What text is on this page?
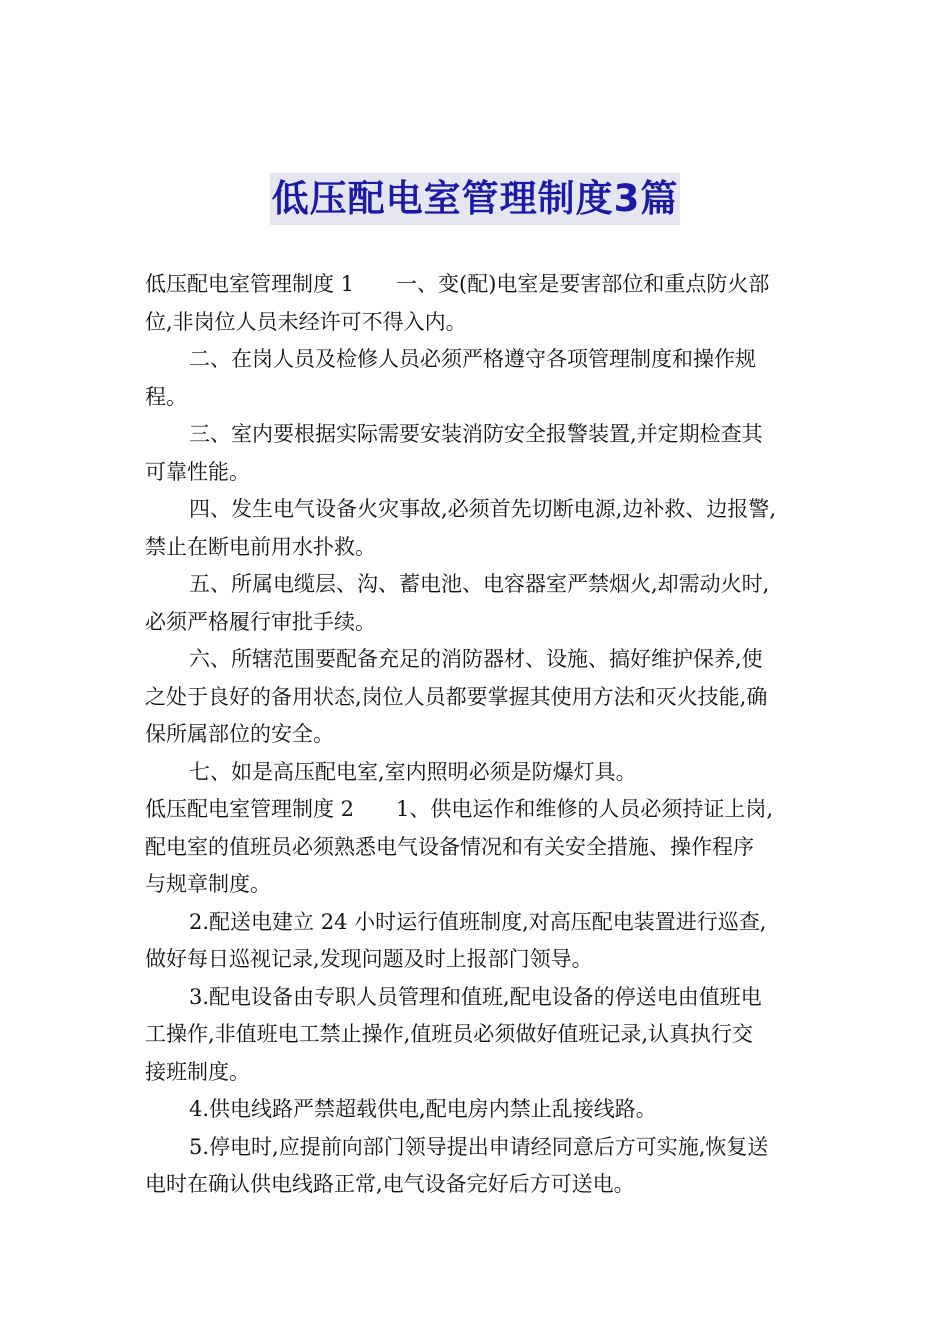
低压配电室管理制度3篇
低压配电室管理制度 1　　一、变(配)电室是要害部位和重点防火部
位,非岗位人员未经许可不得入内。
二、在岗人员及检修人员必须严格遵守各项管理制度和操作规
程。
三、室内要根据实际需要安装消防安全报警装置,并定期检查其
可靠性能。
四、发生电气设备火灾事故,必须首先切断电源,边补救、边报警,
禁止在断电前用水扑救。
五、所属电缆层、沟、蓄电池、电容器室严禁烟火,却需动火时,
必须严格履行审批手续。
六、所辖范围要配备充足的消防器材、设施、搞好维护保养,使
之处于良好的备用状态,岗位人员都要掌握其使用方法和灭火技能,确
保所属部位的安全。
七、如是高压配电室,室内照明必须是防爆灯具。
低压配电室管理制度 2　　1、供电运作和维修的人员必须持证上岗,
配电室的值班员必须熟悉电气设备情况和有关安全措施、操作程序
与规章制度。
2.配送电建立 24 小时运行值班制度,对高压配电装置进行巡查,
做好每日巡视记录,发现问题及时上报部门领导。
3.配电设备由专职人员管理和值班,配电设备的停送电由值班电
工操作,非值班电工禁止操作,值班员必须做好值班记录,认真执行交
接班制度。
4.供电线路严禁超载供电,配电房内禁止乱接线路。
5.停电时,应提前向部门领导提出申请经同意后方可实施,恢复送
电时在确认供电线路正常,电气设备完好后方可送电。
